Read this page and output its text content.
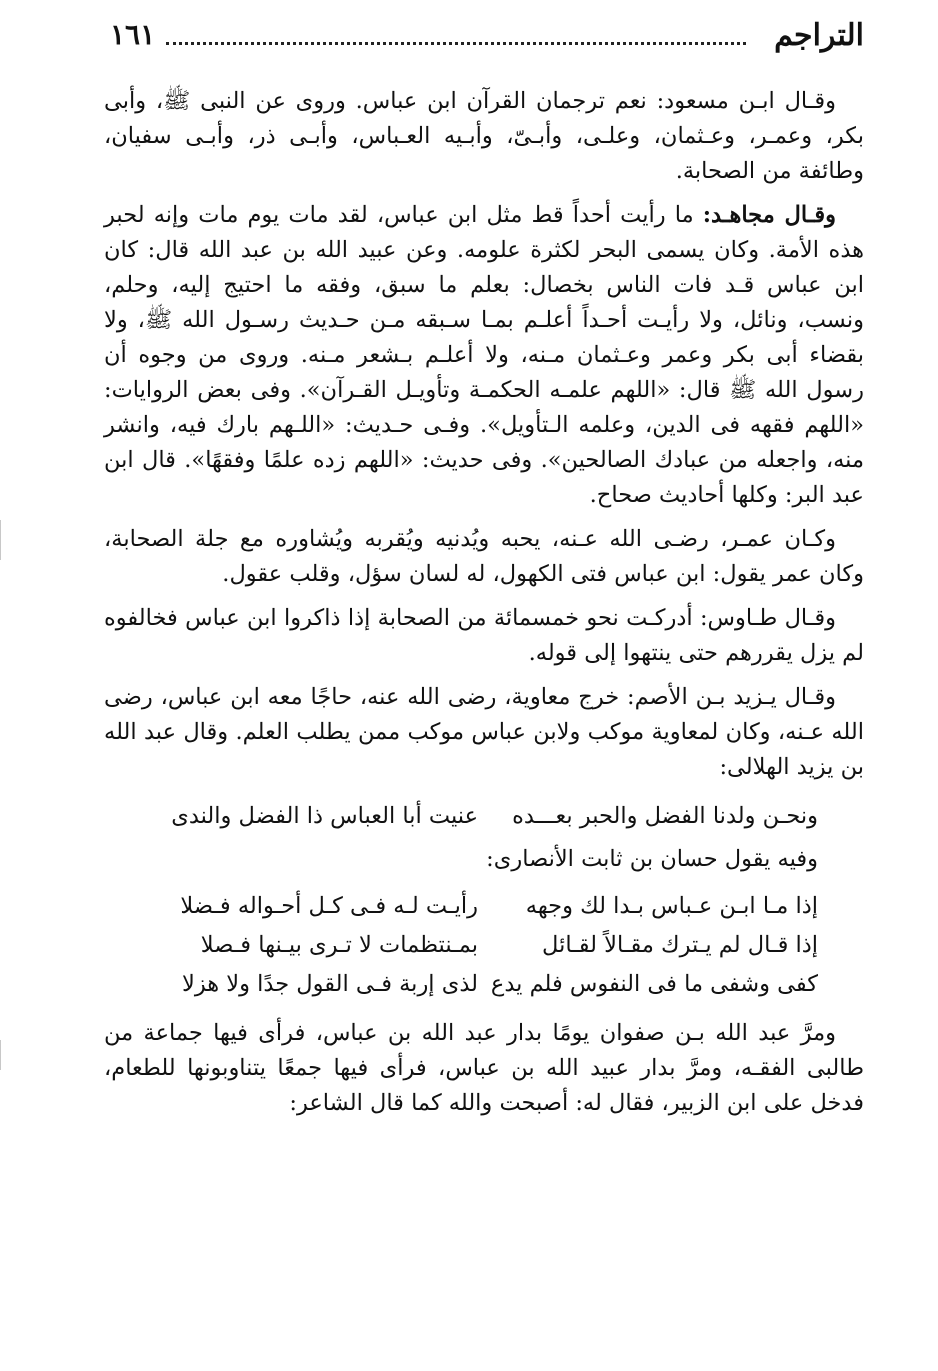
التراجم
١٦١

وقـال ابـن مسعود: نعم ترجمان القرآن ابن عباس. وروى عن النبى ﷺ، وأبى بكر، وعمـر، وعـثمان، وعلـى، وأبـىّ، وأبـيه العـباس، وأبـى ذر، وأبـى سفيان، وطائفة من الصحابة.

وقـال مجاهـد: ما رأيت أحداً قط مثل ابن عباس، لقد مات يوم مات وإنه لحبر هذه الأمة. وكان يسمى البحر لكثرة علومه. وعن عبيد الله بن عبد الله قال: كان ابن عباس قـد فات الناس بخصال: بعلم ما سبق، وفقه ما احتيج إليه، وحلم، ونسب، ونائل، ولا رأيـت أحـداً أعلـم بمـا سـبقه مـن حـديث رسـول الله ﷺ، ولا بقضاء أبى بكر وعمر وعـثمان مـنه، ولا أعلـم بـشعر مـنه. وروى من وجوه أن رسول الله ﷺ قال: «اللهم علمـه الحكمـة وتأويـل القـرآن». وفى بعض الروايات: «اللهم فقهه فى الدين، وعلمه الـتأويل». وفـى حـديث: «اللـهم بارك فيه، وانشر منه، واجعله من عبادك الصالحين». وفى حديث: «اللهم زده علمًا وفقهًا». قال ابن عبد البر: وكلها أحاديث صحاح.

وكـان عمـر، رضـى الله عـنه، يحبه ويُدنيه ويُقربه ويُشاوره مع جلة الصحابة، وكان عمر يقول: ابن عباس فتى الكهول، له لسان سؤل، وقلب عقول.

وقـال طـاوس: أدركـت نحو خمسمائة من الصحابة إذا ذاكروا ابن عباس فخالفوه لم يزل يقررهم حتى ينتهوا إلى قوله.

وقـال يـزيد بـن الأصم: خرج معاوية، رضى الله عنه، حاجًا معه ابن عباس، رضى الله عـنه، وكان لمعاوية موكب ولابن عباس موكب ممن يطلب العلم. وقال عبد الله بن يزيد الهلالى:

ونحـن ولدنا الفضل والحبر بعـــده
عنيت أبا العباس ذا الفضل والندى

وفيه يقول حسان بن ثابت الأنصارى:

إذا مـا ابـن عـباس بـدا لك وجهه
رأيـت لـه فـى كـل أحـواله فـضلا
إذا قـال لم يـترك مقـالاً لقـائل
بمـنتظمات لا تـرى بيـنها فـصلا
كفى وشفى ما فى النفوس فلم يدع
لذى إربة فـى القول جدًا ولا هزلا

ومرَّ عبد الله بـن صفوان يومًا بدار عبد الله بن عباس، فرأى فيها جماعة من طالبى الفقـه، ومرَّ بدار عبيد الله بن عباس، فرأى فيها جمعًا يتناوبونها للطعام، فدخل على ابن الزبير، فقال له: أصبحت والله كما قال الشاعر:
